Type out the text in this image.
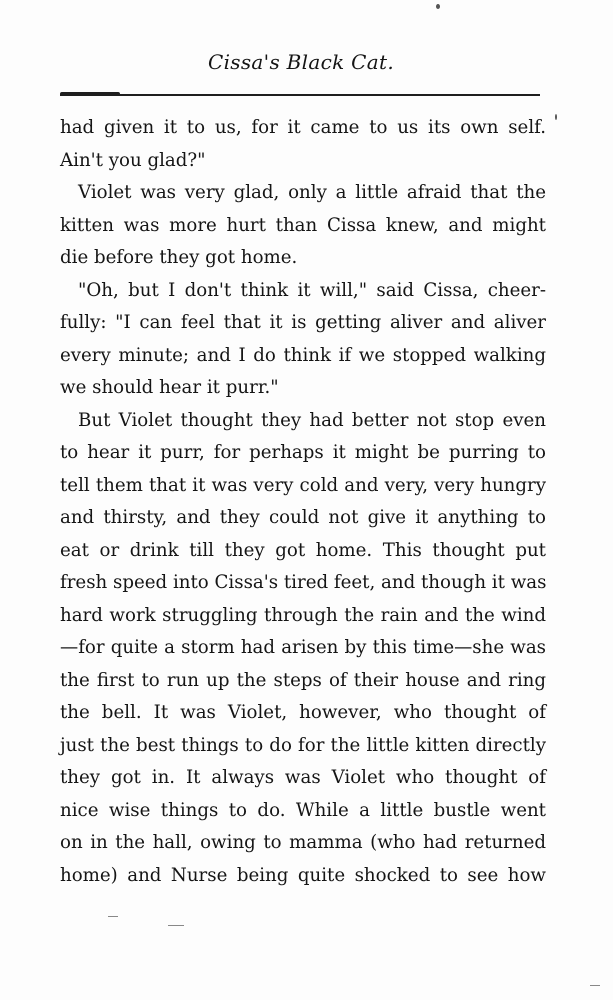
Cissa's Black Cat.
had given it to us, for it came to us its own self.
Ain't you glad?"
Violet was very glad, only a little afraid that the
kitten was more hurt than Cissa knew, and might
die before they got home.
"Oh, but I don't think it will," said Cissa, cheer-
fully: "I can feel that it is getting aliver and aliver
every minute; and I do think if we stopped walking
we should hear it purr."
But Violet thought they had better not stop even
to hear it purr, for perhaps it might be purring to
tell them that it was very cold and very, very hungry
and thirsty, and they could not give it anything to
eat or drink till they got home. This thought put
fresh speed into Cissa's tired feet, and though it was
hard work struggling through the rain and the wind
—for quite a storm had arisen by this time—she was
the first to run up the steps of their house and ring
the bell. It was Violet, however, who thought of
just the best things to do for the little kitten directly
they got in. It always was Violet who thought of
nice wise things to do. While a little bustle went
on in the hall, owing to mamma (who had returned
home) and Nurse being quite shocked to see how
